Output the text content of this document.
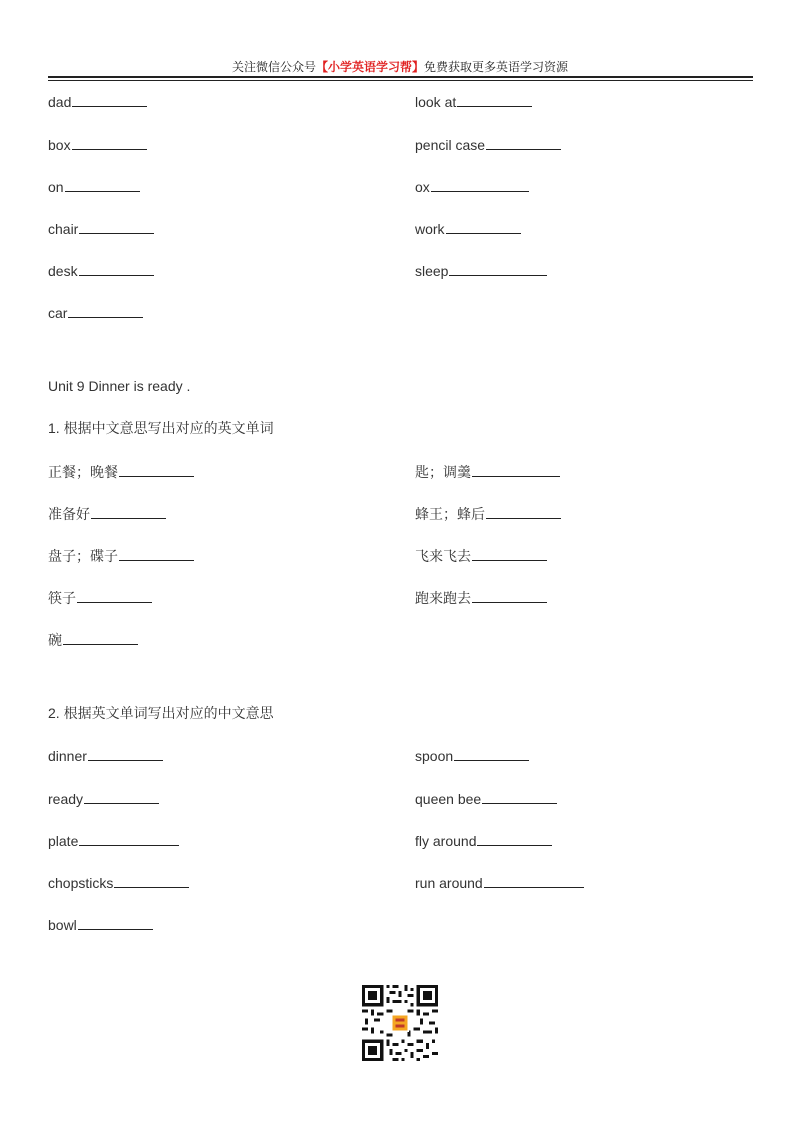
关注微信公众号【小学英语学习帮】免费获取更多英语学习资源
dad
box
on
chair
desk
car
look at
pencil case
ox
work
sleep
Unit 9 Dinner is ready .
1. 根据中文意思写出对应的英文单词
正餐；晚餐
准备好
盘子；碟子
筷子
碗
匙；调羹
蜂王；蜂后
飞来飞去
跑来跑去
2. 根据英文单词写出对应的中文意思
dinner
ready
plate
chopsticks
bowl
spoon
queen bee
fly around
run around
